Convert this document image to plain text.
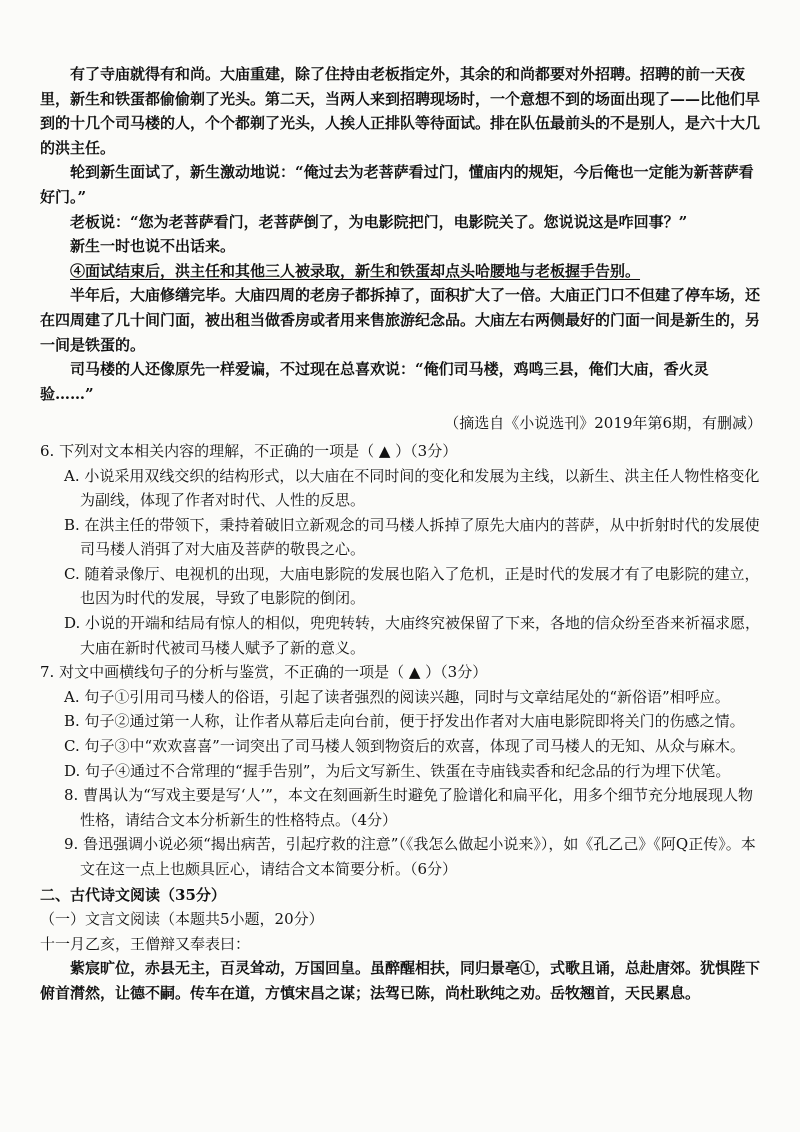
有了寺庙就得有和尚。大庙重建，除了住持由老板指定外，其余的和尚都要对外招聘。招聘的前一天夜里，新生和铁蛋都偷偷剃了光头。第二天，当两人来到招聘现场时，一个意想不到的场面出现了——比他们早到的十几个司马楼的人，个个都剃了光头，人挨人正排队等待面试。排在队伍最前头的不是别人，是六十大几的洪主任。

轮到新生面试了，新生激动地说：“俺过去为老菩萨看过门，懂庙内的规矩，今后俺也一定能为新菩萨看好门。”

老板说：“您为老菩萨看门，老菩萨倒了，为电影院把门，电影院关了。您说说这是咋回事？”

新生一时也说不出话来。

④面试结束后，洪主任和其他三人被录取，新生和铁蛋却点头哈腰地与老板握手告别。

半年后，大庙修缮完毕。大庙四周的老房子都拆掉了，面积扩大了一倍。大庙正门口不但建了停车场，还在四周建了几十间门面，被出租当做香房或者用来售旅游纪念品。大庙左右两侧最好的门面一间是新生的，另一间是铁蛋的。

司马楼的人还像原先一样爱谝，不过现在总喜欢说：“俺们司马楼，鸡鸣三县，俺们大庙，香火灵验……”

（摘选自《小说选刊》2019年第6期，有删减）

6. 下列对文本相关内容的理解，不正确的一项是（ ▲ ）（3分）

A. 小说采用双线交织的结构形式，以大庙在不同时间的变化和发展为主线，以新生、洪主任人物性格变化为副线，体现了作者对时代、人性的反思。

B. 在洪主任的带领下，秉持着破旧立新观念的司马楼人拆掉了原先大庙内的菩萨，从中折射时代的发展使司马楼人消弭了对大庙及菩萨的敬畏之心。

C. 随着录像厅、电视机的出现，大庙电影院的发展也陷入了危机，正是时代的发展才有了电影院的建立，也因为时代的发展，导致了电影院的倒闭。

D. 小说的开端和结局有惊人的相似，兜兜转转，大庙终究被保留了下来，各地的信众纷至沓来祈福求愿，大庙在新时代被司马楼人赋予了新的意义。

7. 对文中画横线句子的分析与鉴赏，不正确的一项是（ ▲ ）（3分）

A. 句子①引用司马楼人的俗语，引起了读者强烈的阅读兴趣，同时与文章结尾处的“新俗语”相呼应。

B. 句子②通过第一人称，让作者从幕后走向台前，便于抒发出作者对大庙电影院即将关门的伤感之情。

C. 句子③中“欢欢喜喜”一词突出了司马楼人领到物资后的欢喜，体现了司马楼人的无知、从众与麻木。

D. 句子④通过不合常理的“握手告别”，为后文写新生、铁蛋在寺庙钱卖香和纪念品的行为埋下伏笔。

8. 曹禺认为“写戏主要是写‘人’”，本文在刻画新生时避免了脸谱化和扁平化，用多个细节充分地展现人物性格，请结合文本分析新生的性格特点。（4分）

9. 鲁迅强调小说必须“揭出病苦，引起疗救的注意”（《我怎么做起小说来》），如《孔乙己》《阿Q正传》。本文在这一点上也颇具匠心，请结合文本简要分析。（6分）

二、古代诗文阅读（35分）

（一）文言文阅读（本题共5小题，20分）

十一月乙亥，王僧辩又奉表曰：

紫宸旷位，赤县无主，百灵耸动，万国回皇。虽醉醒相扶，同归景亳①，式歌且诵，总赴唐郊。犹惧陛下俯首潸然，让德不嗣。传车在道，方慎宋昌之谋；法驾已陈，尚杜耿纯之劝。岳牧翘首，天民累息。
